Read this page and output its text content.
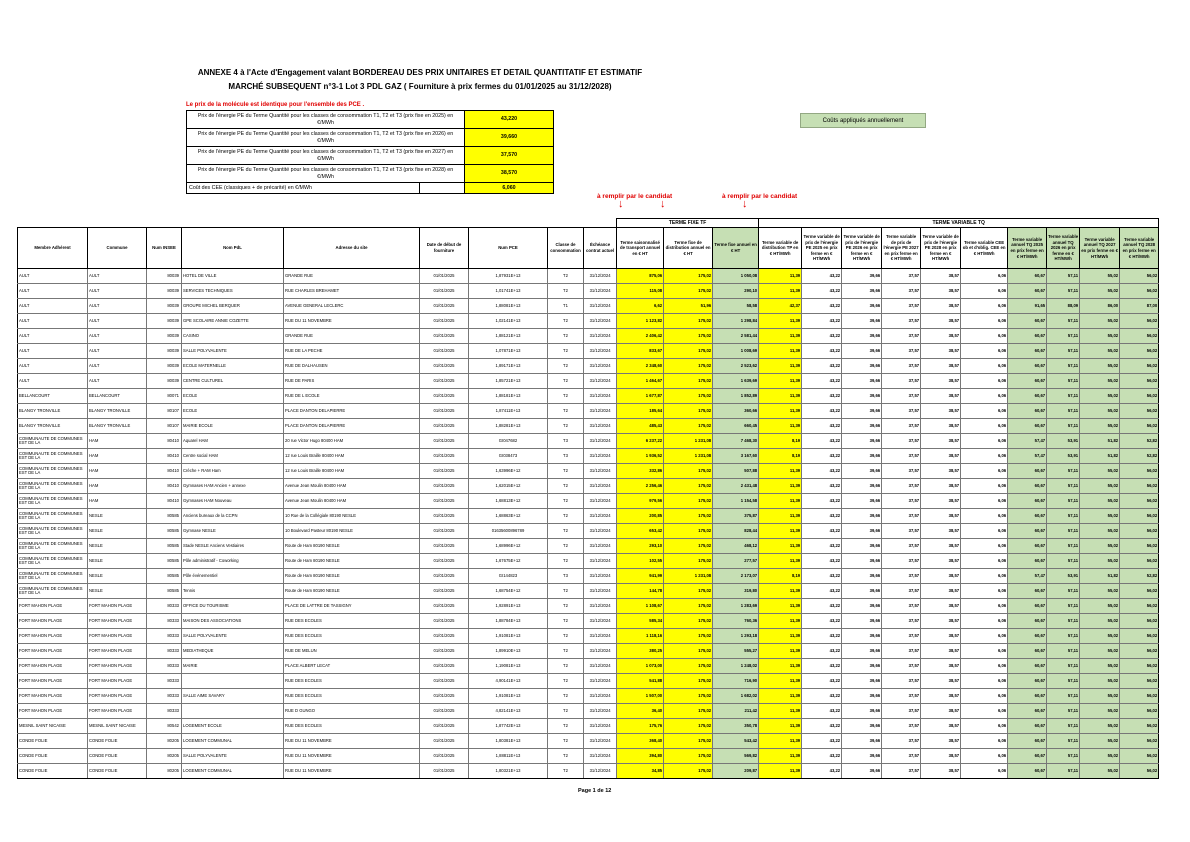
ANNEXE 4 à l'Acte d'Engagement valant BORDEREAU DES PRIX UNITAIRES ET DETAIL QUANTITATIF ET ESTIMATIF
MARCHÉ SUBSEQUENT n°3-1 Lot 3 PDL GAZ ( Fourniture à prix fermes du 01/01/2025 au 31/12/2028)
Le prix de la molécule est identique pour l'ensemble des PCE .
Prix de l'énergie PE du Terme Quantité pour les classes de consommation T1, T2 et T3 (prix fixe en 2025) en €/MWh		43,220
Prix de l'énergie PE du Terme Quantité pour les classes de consommation T1, T2 et T3 (prix fixe en 2026) en €/MWh		39,660
Prix de l'énergie PE du Terme Quantité pour les classes de consommation T1, T2 et T3 (prix fixe en 2027) en €/MWh		37,570
Prix de l'énergie PE du Terme Quantité pour les classes de consommation T1, T2 et T3 (prix fixe en 2028) en €/MWh		38,570
Coût des CEE (classiques + de précarité) en €/MWh		6,060
Coûts appliqués annuellement
à remplir par le candidat	à remplir par le candidat
↓	↓	↓
									TERME FIXE TF			TERME VARIABLE TQ									
Membre Adhérent	Commune	Num INSEE	Nom PdL	Adresse du site	Date de début de fourniture	Num PCE	Classe de consommation	Échéance contrat actuel	Terme saisonnalisé de transport annuel en € HT	Terme fixe de distribution annuel en € HT	Terme fixe annuel en € HT	Terme variable de distribution TP en € HT/MWh	Terme variable de prix de l'énergie PE 2025 en prix ferme en € HT/MWh	Terme variable de prix de l'énergie PE 2026 en prix ferme en € HT/MWh	Terme variable de prix de l'énergie PE 2027 en prix ferme en € HT/MWh	Terme variable de prix de l'énergie PE 2028 en prix ferme en € HT/MWh	Terme variable CEE ob et d'oblig. CEE en € HT/MWh	Terme variable annuel TQ 2025 en prix ferme en € HT/MWh	Terme variable annuel TQ 2026 en prix ferme en € HT/MWh	Terme variable annuel TQ 2027 en prix ferme en € HT/MWh	Terme variable annuel TQ 2028 en prix ferme en € HT/MWh
AULT	AULT	80039	HOTEL DE VILLE	GRANDE RUE	01/01/2025	1,87931E+13	T2	31/12/2024	875,06	175,02	1 050,08	11,39	43,22	39,66	37,57	38,57	6,06	60,67	57,11	55,02	56,02
AULT	AULT	80039	SERVICES TECHNIQUES	RUE CHARLES BREHAMET	01/01/2025	1,01741E+13	T2	31/12/2024	115,08	175,02	290,10	11,39	43,22	39,66	37,57	38,57	6,06	60,67	57,11	55,02	56,02
AULT	AULT	80039	GROUPE MICHEL BERQUER	AVENUE GENERAL LECLERC	01/01/2025	1,88081E+13	T1	31/12/2024	6,62	51,96	58,58	42,37	43,22	39,66	37,57	38,57	6,06	91,65	88,09	86,00	87,00
AULT	AULT	80039	GPE SCOLAIRE ANNIE COZETTE	RUE DU 11 NOVEMBRE	01/01/2025	1,02141E+13	T2	31/12/2024	1 123,82	175,02	1 298,84	11,39	43,22	39,66	37,57	38,57	6,06	60,67	57,11	55,02	56,02
AULT	AULT	80039	CASINO	GRANDE RUE	01/01/2025	1,88121E+13	T2	31/12/2024	2 406,42	175,02	2 581,44	11,39	43,22	39,66	37,57	38,57	6,06	60,67	57,11	55,02	56,02
AULT	AULT	80039	SALLE POLYVALENTE	RUE DE LA PECHE	01/01/2025	1,07871E+13	T2	31/12/2024	833,67	175,02	1 008,69	11,39	43,22	39,66	37,57	38,57	6,06	60,67	57,11	55,02	56,02
AULT	AULT	80039	ECOLE MATERNELLE	RUE DE DALHAUSEN	01/01/2025	1,89171E+13	T2	31/12/2024	2 348,60	175,02	2 523,62	11,39	43,22	39,66	37,57	38,57	6,06	60,67	57,11	55,02	56,02
AULT	AULT	80039	CENTRE CULTUREL	RUE DE PARIS	01/01/2025	1,85721E+13	T2	31/12/2024	1 464,67	175,02	1 639,69	11,39	43,22	39,66	37,57	38,57	6,06	60,67	57,11	55,02	56,02
BELLANCOURT	BELLANCOURT	80071	ECOLE	RUE DE L ECOLE	01/01/2025	1,88181E+13	T2	31/12/2024	1 677,87	175,02	1 852,89	11,39	43,22	39,66	37,57	38,57	6,06	60,67	57,11	55,02	56,02
BLANGY TRONVILLE	BLANGY TRONVILLE	80107	ECOLE	PLACE DANTON DELAPIERRE	01/01/2025	1,87411E+13	T2	31/12/2024	185,64	175,02	360,66	11,39	43,22	39,66	37,57	38,57	6,06	60,67	57,11	55,02	56,02
BLANGY TRONVILLE	BLANGY TRONVILLE	80107	MAIRIE ECOLE	PLACE DANTON DELAPIERRE	01/01/2025	1,88281E+13	T2	31/12/2024	485,43	175,02	660,45	11,39	43,22	39,66	37,57	38,57	6,06	60,67	57,11	55,02	56,02
COMMUNAUTE DE COMMUNES EST DE LA	HAM	80410	Aquarel HAM	20 rue Victor Hugo 80400 HAM	01/01/2025	GI047682	T3	31/12/2024	6 237,22	1 231,08	7 468,30	8,19	43,22	39,66	37,57	38,57	6,06	57,47	53,91	51,82	52,82
COMMUNAUTE DE COMMUNES EST DE LA	HAM	80410	Centre social HAM	12 rue Louis Braille 80400 HAM	01/01/2025	GI038473	T3	31/12/2024	1 936,52	1 231,08	3 167,60	8,19	43,22	39,66	37,57	38,57	6,06	57,47	53,91	51,82	52,82
COMMUNAUTE DE COMMUNES EST DE LA	HAM	80410	Crèche + RAM Ham	12 rue Louis Braille 80400 HAM	01/01/2025	1,63996E+12	T2	31/12/2024	332,86	175,02	507,88	11,39	43,22	39,66	37,57	38,57	6,06	60,67	57,11	55,02	56,02
COMMUNAUTE DE COMMUNES EST DE LA	HAM	80410	Gymnases HAM Ancien + annexe	Avenue Jean Moulin 80400 HAM	01/01/2025	1,62015E+12	T2	31/12/2024	2 256,46	175,02	2 431,48	11,39	43,22	39,66	37,57	38,57	6,06	60,67	57,11	55,02	56,02
COMMUNAUTE DE COMMUNES EST DE LA	HAM	80410	Gymnases HAM Nouveau	Avenue Jean Moulin 80400 HAM	01/01/2025	1,68813E+12	T2	31/12/2024	979,56	175,02	1 154,58	11,39	43,22	39,66	37,57	38,57	6,06	60,67	57,11	55,02	56,02
COMMUNAUTE DE COMMUNES EST DE LA	NESLE	80585	Anciens bureaux de la CCPN	10 Rue de la Collégiale 80190 NESLE	01/01/2025	1,68863E+12	T2	31/12/2024	200,85	175,02	375,87	11,39	43,22	39,66	37,57	38,57	6,06	60,67	57,11	55,02	56,02
COMMUNAUTE DE COMMUNES EST DE LA	NESLE	80585	Gymnase NESLE	10 Boulevard Pasteur 80190 NESLE	01/01/2025	01635600896789	T2	31/12/2024	653,42	175,02	828,44	11,39	43,22	39,66	37,57	38,57	6,06	60,67	57,11	55,02	56,02
COMMUNAUTE DE COMMUNES EST DE LA	NESLE	80585	Stade NESLE Anciens Vestiaires	Route de Ham 80190 NESLE	01/01/2025	1,68996E+12	T2	31/12/2024	293,10	175,02	468,12	11,39	43,22	39,66	37,57	38,57	6,06	60,67	57,11	55,02	56,02
COMMUNAUTE DE COMMUNES EST DE LA	NESLE	80585	Pôle administratif - Coworking	Route de Ham 80190 NESLE	01/01/2025	1,67675E+12	T2	31/12/2024	102,55	175,02	277,57	11,39	43,22	39,66	37,57	38,57	6,06	60,67	57,11	55,02	56,02
COMMUNAUTE DE COMMUNES EST DE LA	NESLE	80585	Pôle événementiel	Route de Ham 80190 NESLE	01/01/2025	GI144823	T3	31/12/2024	941,99	1 231,08	2 173,07	8,19	43,22	39,66	37,57	38,57	6,06	57,47	53,91	51,82	52,82
COMMUNAUTE DE COMMUNES EST DE LA	NESLE	80585	Tennis	Route de Ham 80190 NESLE	01/01/2025	1,68754E+12	T2	31/12/2024	144,78	175,02	319,80	11,39	43,22	39,66	37,57	38,57	6,06	60,67	57,11	55,02	56,02
FORT MAHON PLAGE	FORT MAHON PLAGE	80333	OFFICE DU TOURISME	PLACE DE LATTRE DE TASSIGNY	01/01/2025	1,92891E+13	T2	31/12/2024	1 108,67	175,02	1 283,69	11,39	43,22	39,66	37,57	38,57	6,06	60,67	57,11	55,02	56,02
FORT MAHON PLAGE	FORT MAHON PLAGE	80333	MAISON DES ASSOCIATIONS	RUE DES ECOLES	01/01/2025	1,88784E+13	T2	31/12/2024	585,34	175,02	760,36	11,39	43,22	39,66	37,57	38,57	6,06	60,67	57,11	55,02	56,02
FORT MAHON PLAGE	FORT MAHON PLAGE	80333	SALLE POLYVALENTE	RUE DES ECOLES	01/01/2025	1,91081E+13	T2	31/12/2024	1 118,16	175,02	1 293,18	11,39	43,22	39,66	37,57	38,57	6,06	60,67	57,11	55,02	56,02
FORT MAHON PLAGE	FORT MAHON PLAGE	80333	MEDIATHEQUE	RUE DE MELUN	01/01/2025	1,89910E+13	T2	31/12/2024	380,25	175,02	555,27	11,39	43,22	39,66	37,57	38,57	6,06	60,67	57,11	55,02	56,02
FORT MAHON PLAGE	FORT MAHON PLAGE	80333	MAIRIE	PLACE ALBERT LECAT	01/01/2025	1,19081E+13	T2	31/12/2024	1 073,00	175,02	1 248,02	11,39	43,22	39,66	37,57	38,57	6,06	60,67	57,11	55,02	56,02
FORT MAHON PLAGE	FORT MAHON PLAGE	80333		RUE DES ECOLES	01/01/2025	4,90141E+13	T2	31/12/2024	541,88	175,02	716,90	11,39	43,22	39,66	37,57	38,57	6,06	60,67	57,11	55,02	56,02
FORT MAHON PLAGE	FORT MAHON PLAGE	80333	SALLE AIME SAVARY	RUE DES ECOLES	01/01/2025	1,91081E+13	T2	31/12/2024	1 507,00	175,02	1 682,02	11,39	43,22	39,66	37,57	38,57	6,06	60,67	57,11	55,02	56,02
FORT MAHON PLAGE	FORT MAHON PLAGE	80333		RUE D GUNGO	01/01/2025	4,82141E+13	T2	31/12/2024	36,40	175,02	211,42	11,39	43,22	39,66	37,57	38,57	6,06	60,67	57,11	55,02	56,02
MESNIL SAINT NICAISE	MESNIL SAINT NICAISE	80542	LOGEMENT ECOLE	RUE DES ECOLES	01/01/2025	1,87742E+13	T2	31/12/2024	175,76	175,02	350,78	11,39	43,22	39,66	37,57	38,57	6,06	60,67	57,11	55,02	56,02
CONDE FOLIE	CONDE FOLIE	80205	LOGEMENT COMMUNAL	RUE DU 11 NOVEMBRE	01/01/2025	1,80381E+13	T2	31/12/2024	368,40	175,02	543,42	11,39	43,22	39,66	37,57	38,57	6,06	60,67	57,11	55,02	56,02
CONDE FOLIE	CONDE FOLIE	80205	SALLE POLYVALENTE	RUE DU 11 NOVEMBRE	01/01/2025	1,88811E+13	T2	31/12/2024	394,80	175,02	569,82	11,39	43,22	39,66	37,57	38,57	6,06	60,67	57,11	55,02	56,02
CONDE FOLIE	CONDE FOLIE	80205	LOGEMENT COMMUNAL	RUE DU 11 NOVEMBRE	01/01/2025	1,80321E+13	T2	31/12/2024	34,85	175,02	209,87	11,39	43,22	39,66	37,57	38,57	6,06	60,67	57,11	55,02	56,02
Page 1 de 12
